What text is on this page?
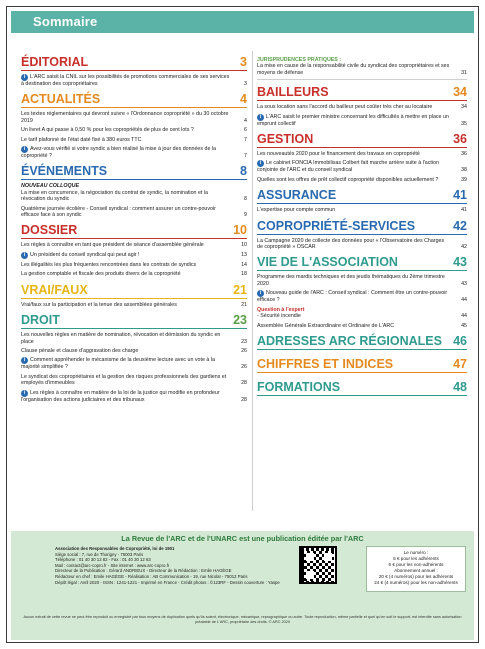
Sommaire
ÉDITORIAL	3
i L'ARC saisit la CNIL sur les possibilités de promotions commerciales de ses services à destination des copropriétaires	3
ACTUALITÉS	4
Les textes réglementaires qui devront suivre « l'Ordonnance copropriété » du 30 octobre 2019	4
Un livret A qui passe à 0,50 % pour les copropriétés de plus de cent lots ?	6
Le tarif plafonné de l'état daté fixé à 380 euros TTC	7
i Avez-vous vérifié si votre syndic a bien réalisé la mise à jour des données de la copropriété ?	7
ÉVÉNEMENTS	8
NOUVEAU COLLOQUE
La mise en concurrence, la négociation du contrat de syndic, la nomination et la révocation du syndic	8
Quatrième journée écolière - Conseil syndical : comment assurer un contre-pouvoir efficace face à son syndic	9
DOSSIER	10
Les règles à connaître en tant que président de séance d'assemblée générale	10
i Un président du conseil syndical qui peut agir !	13
Les illégalités les plus fréquentes rencontrées dans les contrats de syndics	14
La gestion comptable et fiscale des produits divers de la copropriété	18
VRAI/FAUX	21
Vrai/faux sur la participation et la tenue des assemblées générales	21
DROIT	23
Les nouvelles règles en matière de nomination, révocation et démission du syndic en place	23
Clause pénale et clause d'aggravation des charge	26
i Comment appréhender le mécanisme de la deuxième lecture avec un vote à la majorité simplifiée ?	26
Le syndicat des copropriétaires et la gestion des risques professionnels des gardiens et employés d'immeubles	28
i Les règles à connaître en matière de la loi de la justice qui modifie en profondeur l'organisation des actions judiciaires et des tribunaux	28
JURISPRUDENCES PRATIQUES :
La mise en cause de la responsabilité civile du syndicat des copropriétaires et ses moyens de défense	31
BAILLEURS	34
La sous location sans l'accord du bailleur peut coûter très cher au locataire	34
i L'ARC saisit le premier ministre concernant les difficultés à mettre en place un emprunt collectif	35
GESTION	36
Les nouveautés 2020 pour le financement des travaux en copropriété	36
i Le cabinet FONCIA Immobilisas Colbert fait marche arrière suite à l'action conjointe de l'ARC et du conseil syndical	38
Quelles sont les offres de prêt collectif copropriété disponibles actuellement ?	39
ASSURANCE	41
L'expertise pour compte commun	41
COPROPRIÉTÉ-SERVICES	42
La Campagne 2020 de collecte des données pour « l'Observatoire des Charges de copropriété » OSCAR	42
VIE DE L'ASSOCIATION	43
Programme des mardis techniques et des jeudis thématiques du 2ème trimestre 2020	43
i Nouveau guide de l'ARC : Conseil syndical : Comment être un contre-pouvoir efficace ?	44
Question à l'expert
- Sécurité incendie	44
Assemblée Générale Extraordinaire et Ordinaire de L'ARC	45
ADRESSES ARC RÉGIONALES 46
CHIFFRES ET INDICES	47
FORMATIONS	48
La Revue de l'ARC et de l'UNARC est une publication éditée par l'ARC
Association des Responsables de Copropriété, loi de 1901
Siège social : 7, rue de Thorigny - 75003 Paris
Téléphone : 01 40 30 12 82 - Fax : 01 40 30 12 63
Mail : contact@arc-copro.fr - Site internet : www.arc-copro.fr
Directeur de la Publication : Gérard ANDRIEUX - Directeur de la Rédaction : Emile HAGÈGE
Rédacteur en chef : Emile HAGÈGE - Réalisation : AB Communication - 19, rue Nicolaï - 75012 Paris
Dépôt légal : Avril 2020 - ISSN : 1241-1221 - Imprimé en France - Crédit photos : ©123RF - Dessin couverture : Yaspe
Le numéro :
5 € pour les adhérents
6 € pour les non-adhérents
Abonnement annuel :
20 € (4 numéros) pour les adhérents
24 € (4 numéros) pour les non-adhérents
Aucun extrait de cette revue ne peut être reproduit ou enregistré par tous moyens de duplication quels qu'ils soient, électronique, mécanique, reprographique ou autre. Toute reproduction, même partielle et quel qu'en soit le support, est interdite sans autorisation préalable de L'ARC, propriétaire des droits. © ARC 2020
